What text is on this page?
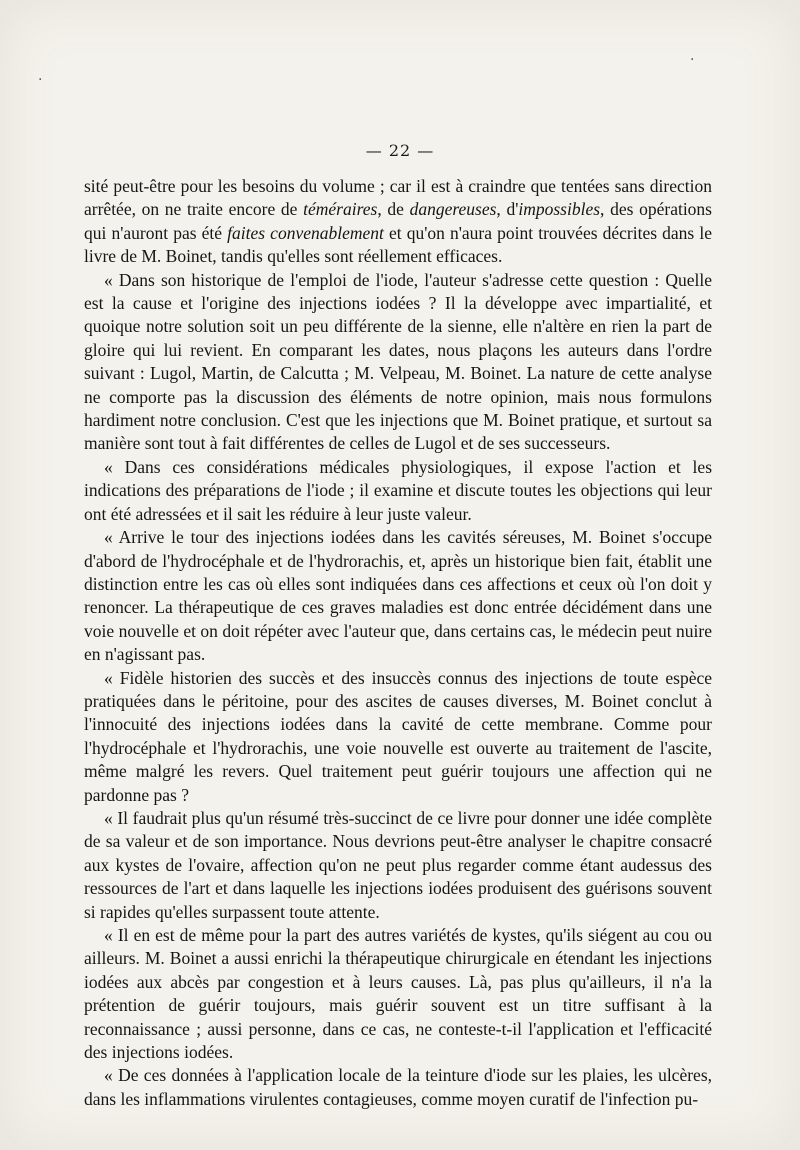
— 22 —

sité peut-être pour les besoins du volume ; car il est à craindre que tentées sans direction arrêtée, on ne traite encore de téméraires, de dangereuses, d'impossibles, des opérations qui n'auront pas été faites convenablement et qu'on n'aura point trouvées décrites dans le livre de M. Boinet, tandis qu'elles sont réellement efficaces.

« Dans son historique de l'emploi de l'iode, l'auteur s'adresse cette question : Quelle est la cause et l'origine des injections iodées ? Il la développe avec impartialité, et quoique notre solution soit un peu différente de la sienne, elle n'altère en rien la part de gloire qui lui revient. En comparant les dates, nous plaçons les auteurs dans l'ordre suivant : Lugol, Martin, de Calcutta ; M. Velpeau, M. Boinet. La nature de cette analyse ne comporte pas la discussion des éléments de notre opinion, mais nous formulons hardiment notre conclusion. C'est que les injections que M. Boinet pratique, et surtout sa manière sont tout à fait différentes de celles de Lugol et de ses successeurs.

« Dans ces considérations médicales physiologiques, il expose l'action et les indications des préparations de l'iode ; il examine et discute toutes les objections qui leur ont été adressées et il sait les réduire à leur juste valeur.

« Arrive le tour des injections iodées dans les cavités séreuses, M. Boinet s'occupe d'abord de l'hydrocéphale et de l'hydrorachis, et, après un historique bien fait, établit une distinction entre les cas où elles sont indiquées dans ces affections et ceux où l'on doit y renoncer. La thérapeutique de ces graves maladies est donc entrée décidément dans une voie nouvelle et on doit répéter avec l'auteur que, dans certains cas, le médecin peut nuire en n'agissant pas.

« Fidèle historien des succès et des insuccès connus des injections de toute espèce pratiquées dans le péritoine, pour des ascites de causes diverses, M. Boinet conclut à l'innocuité des injections iodées dans la cavité de cette membrane. Comme pour l'hydrocéphale et l'hydrorachis, une voie nouvelle est ouverte au traitement de l'ascite, même malgré les revers. Quel traitement peut guérir toujours une affection qui ne pardonne pas ?

« Il faudrait plus qu'un résumé très-succinct de ce livre pour donner une idée complète de sa valeur et de son importance. Nous devrions peut-être analyser le chapitre consacré aux kystes de l'ovaire, affection qu'on ne peut plus regarder comme étant audessus des ressources de l'art et dans laquelle les injections iodées produisent des guérisons souvent si rapides qu'elles surpassent toute attente.

« Il en est de même pour la part des autres variétés de kystes, qu'ils siégent au cou ou ailleurs. M. Boinet a aussi enrichi la thérapeutique chirurgicale en étendant les injections iodées aux abcès par congestion et à leurs causes. Là, pas plus qu'ailleurs, il n'a la prétention de guérir toujours, mais guérir souvent est un titre suffisant à la reconnaissance ; aussi personne, dans ce cas, ne conteste-t-il l'application et l'efficacité des injections iodées.

« De ces données à l'application locale de la teinture d'iode sur les plaies, les ulcères, dans les inflammations virulentes contagieuses, comme moyen curatif de l'infection pu-

·
·
